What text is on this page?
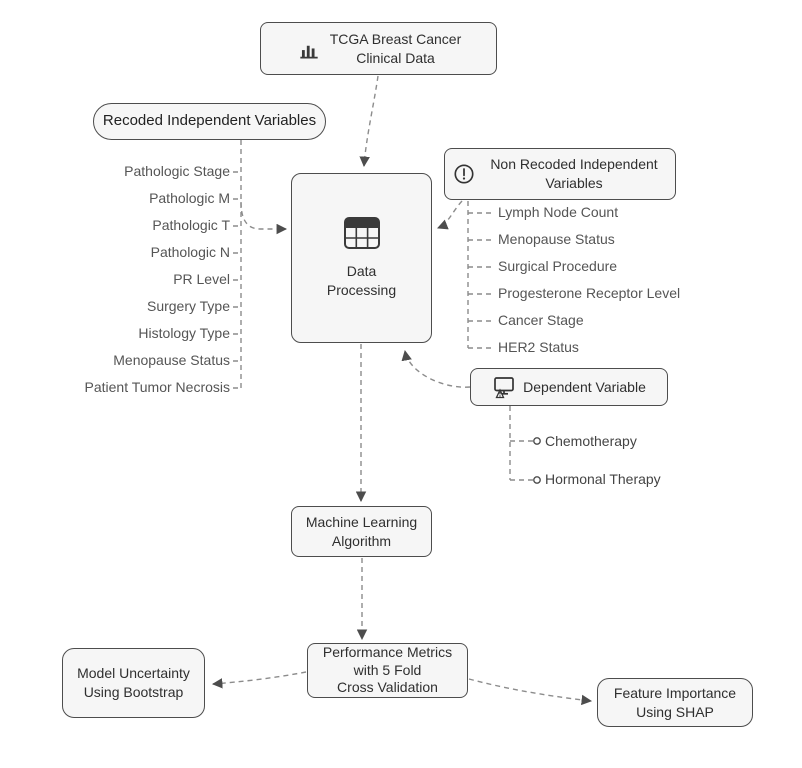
TCGA Breast Cancer
Clinical Data
Recoded Independent Variables
Pathologic Stage
Pathologic M
Pathologic T
Pathologic N
PR Level
Surgery Type
Histology Type
Menopause Status
Patient Tumor Necrosis
Data
Processing
Non Recoded Independent
Variables
Lymph Node Count
Menopause Status
Surgical Procedure
Progesterone Receptor Level
Cancer Stage
HER2 Status
Dependent Variable
Chemotherapy
Hormonal Therapy
Machine Learning
Algorithm
Performance Metrics
with 5 Fold
Cross Validation
Model Uncertainty
Using Bootstrap	Feature Importance
Using SHAP
